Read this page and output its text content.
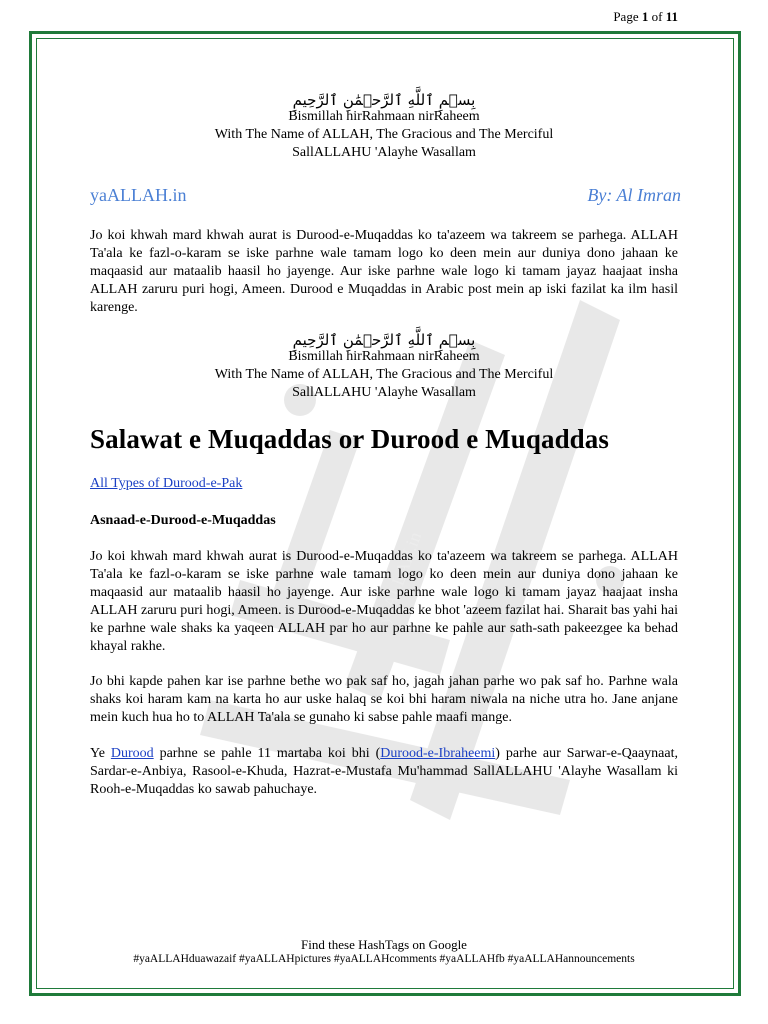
Page 1 of 11
yaALLAH.in
بِسۡمِ ٱللَّهِ ٱلرَّحۡمَٰنِ ٱلرَّحِيمِ
Bismillah hirRahmaan nirRaheem
With The Name of ALLAH, The Gracious and The Merciful
SallALLAHU 'Alayhe Wasallam
yaALLAH.in	By: Al Imran

Jo koi khwah mard khwah aurat is Durood-e-Muqaddas ko ta'azeem wa takreem se parhega. ALLAH Ta'ala ke fazl-o-karam se iske parhne wale tamam logo ko deen mein aur duniya dono jahaan ke maqaasid aur mataalib haasil ho jayenge. Aur iske parhne wale logo ki tamam jayaz haajaat insha ALLAH zaruru puri hogi, Ameen. Durood e Muqaddas in Arabic post mein ap iski fazilat ka ilm hasil karenge.

بِسۡمِ ٱللَّهِ ٱلرَّحۡمَٰنِ ٱلرَّحِيمِ
Bismillah hirRahmaan nirRaheem
With The Name of ALLAH, The Gracious and The Merciful
SallALLAHU 'Alayhe Wasallam
Salawat e Muqaddas or Durood e Muqaddas
All Types of Durood-e-Pak
Asnaad-e-Durood-e-Muqaddas

Jo koi khwah mard khwah aurat is Durood-e-Muqaddas ko ta'azeem wa takreem se parhega. ALLAH Ta'ala ke fazl-o-karam se iske parhne wale tamam logo ko deen mein aur duniya dono jahaan ke maqaasid aur mataalib haasil ho jayenge. Aur iske parhne wale logo ki tamam jayaz haajaat insha ALLAH zaruru puri hogi, Ameen. is Durood-e-Muqaddas ke bhot 'azeem fazilat hai. Sharait bas yahi hai ke parhne wale shaks ka yaqeen ALLAH par ho aur parhne ke pahle aur sath-sath pakeezgee ka behad khayal rakhe.

Jo bhi kapde pahen kar ise parhne bethe wo pak saf ho, jagah jahan parhe wo pak saf ho. Parhne wala shaks koi haram kam na karta ho aur uske halaq se koi bhi haram niwala na niche utra ho. Jane anjane mein kuch hua ho to ALLAH Ta'ala se gunaho ki sabse pahle maafi mange.

Ye Durood parhne se pahle 11 martaba koi bhi (Durood-e-Ibraheemi) parhe aur Sarwar-e-Qaaynaat, Sardar-e-Anbiya, Rasool-e-Khuda, Hazrat-e-Mustafa Mu'hammad SallALLAHU 'Alayhe Wasallam ki Rooh-e-Muqaddas ko sawab pahuchaye.

Find these HashTags on Google
#yaALLAHduawazaif #yaALLAHpictures #yaALLAHcomments #yaALLAHfb #yaALLAHannouncements
